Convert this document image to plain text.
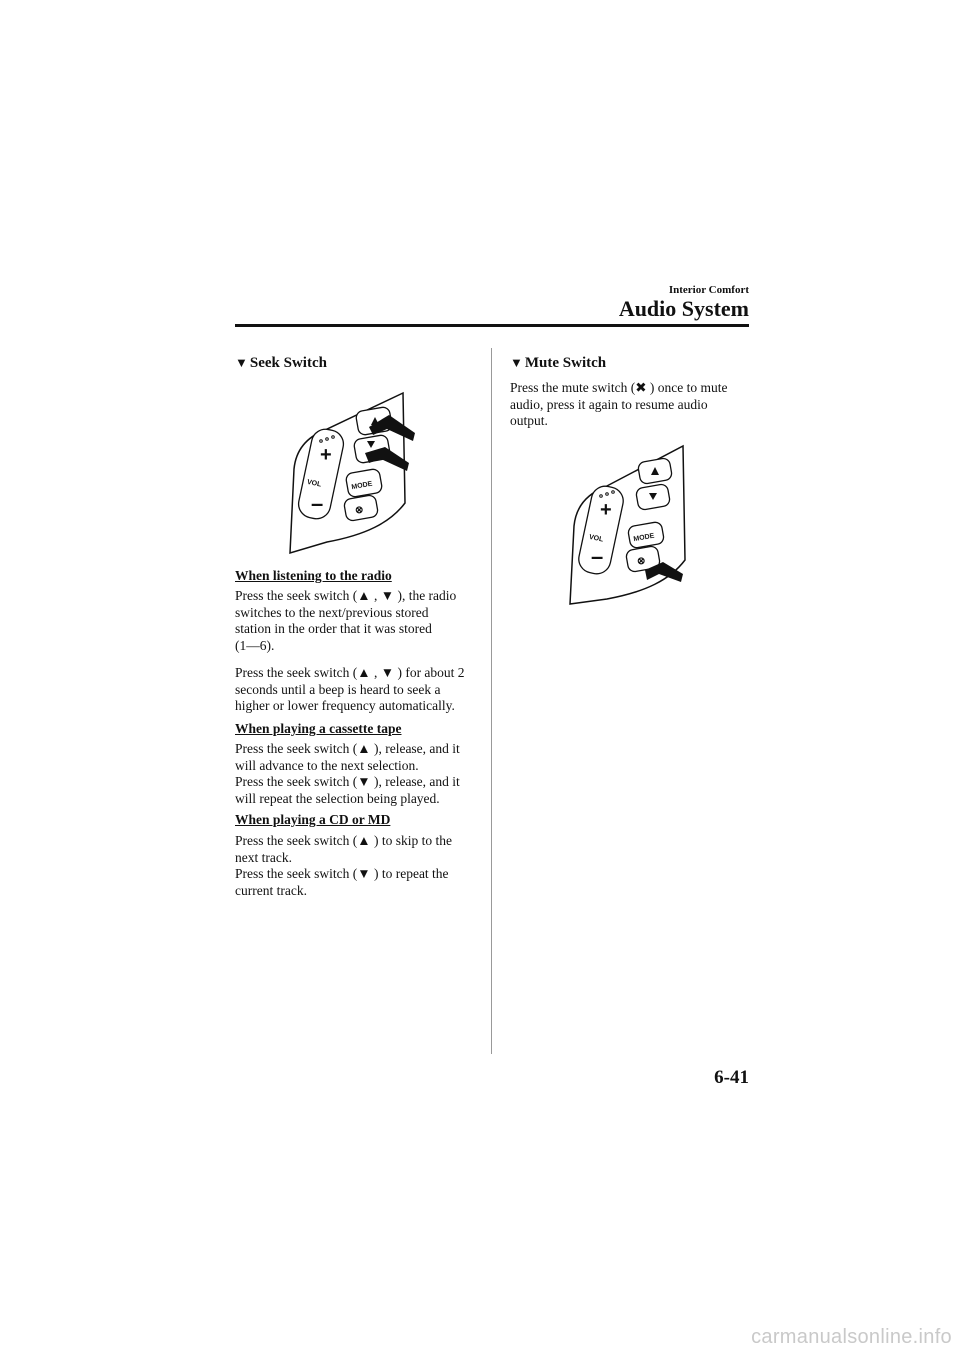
Interior Comfort
Audio System
▼ Seek Switch
+
–
VOL	MODE
⊗
When listening to the radio

Press the seek switch (▲ , ▼ ), the radio

switches to the next/previous stored

station in the order that it was stored

(1―6).

Press the seek switch (▲ , ▼ ) for about 2

seconds until a beep is heard to seek a

higher or lower frequency automatically.

When playing a cassette tape

Press the seek switch (▲ ), release, and it

will advance to the next selection.

Press the seek switch (▼ ), release, and it

will repeat the selection being played.

When playing a CD or MD

Press the seek switch (▲ ) to skip to the

next track.

Press the seek switch (▼ ) to repeat the

current track.

▼ Mute Switch

Press the mute switch (✖ ) once to mute

audio, press it again to resume audio

output.

+
–
VOL	MODE
⊗
6-41
carmanualsonline.info
